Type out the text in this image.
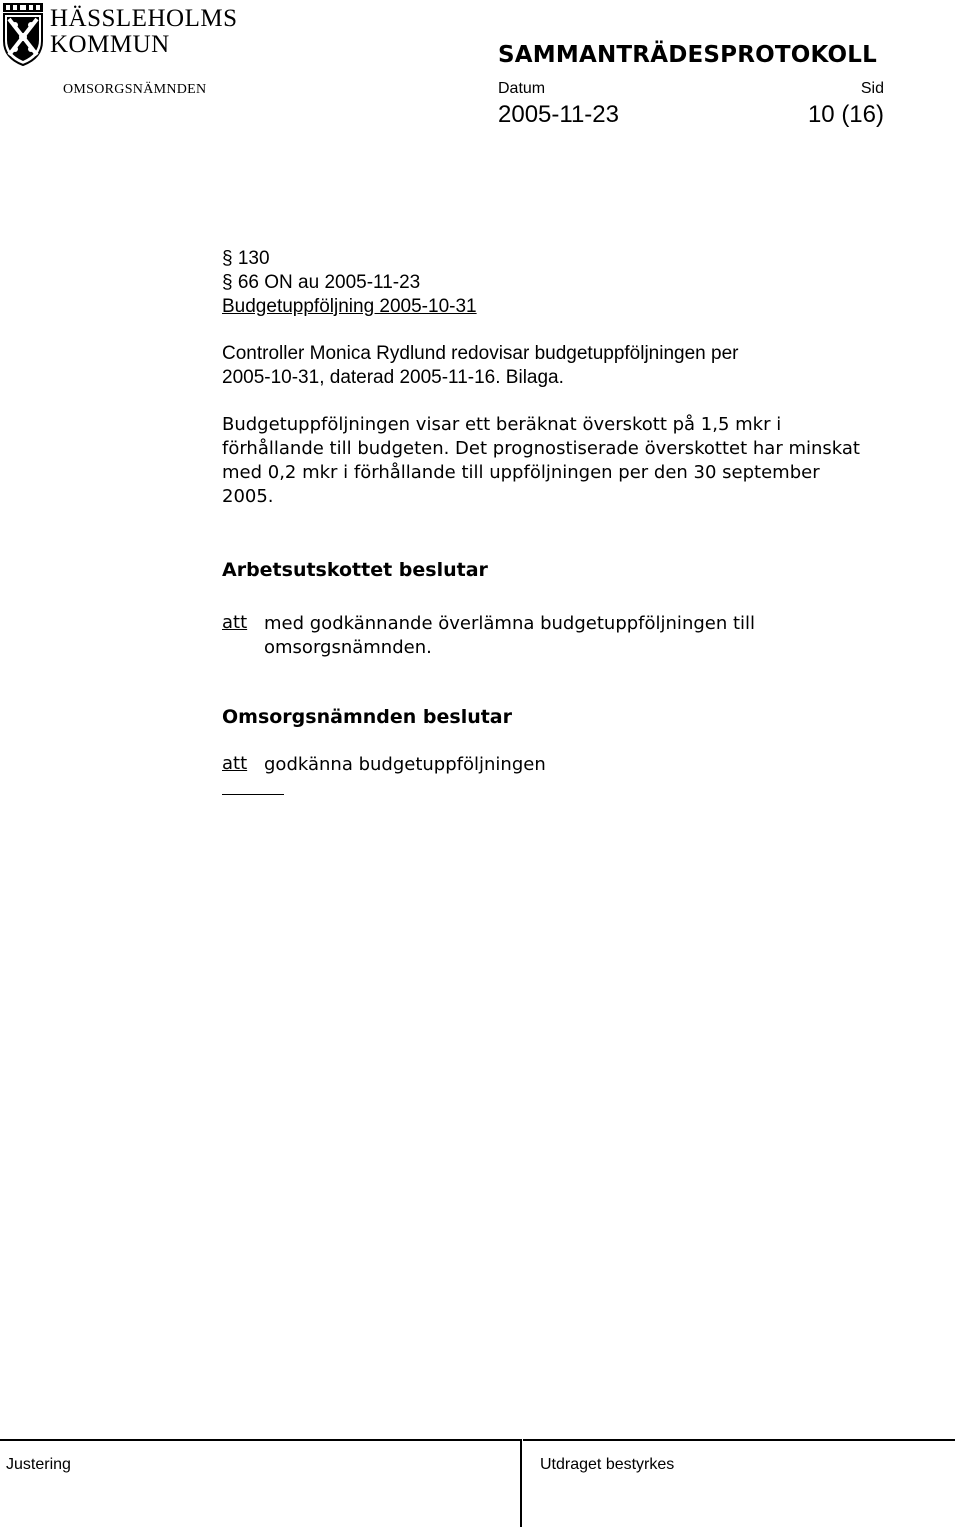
HÄSSLEHOLMS
KOMMUN
OMSORGSNÄMNDEN
SAMMANTRÄDESPROTOKOLL
Datum	Sid
2005-11-23	10 (16)
§ 130
§ 66 ON au 2005-11-23
Budgetuppföljning 2005-10-31
Controller Monica Rydlund redovisar budgetuppföljningen per
2005-10-31, daterad 2005-11-16. Bilaga.
Budgetuppföljningen visar ett beräknat överskott på 1,5 mkr i
förhållande till budgeten. Det prognostiserade överskottet har minskat
med 0,2 mkr i förhållande till uppföljningen per den 30 september
2005.
Arbetsutskottet beslutar
att med godkännande överlämna budgetuppföljningen till
omsorgsnämnden.
Omsorgsnämnden beslutar
att godkänna budgetuppföljningen
Justering	Utdraget bestyrkes
